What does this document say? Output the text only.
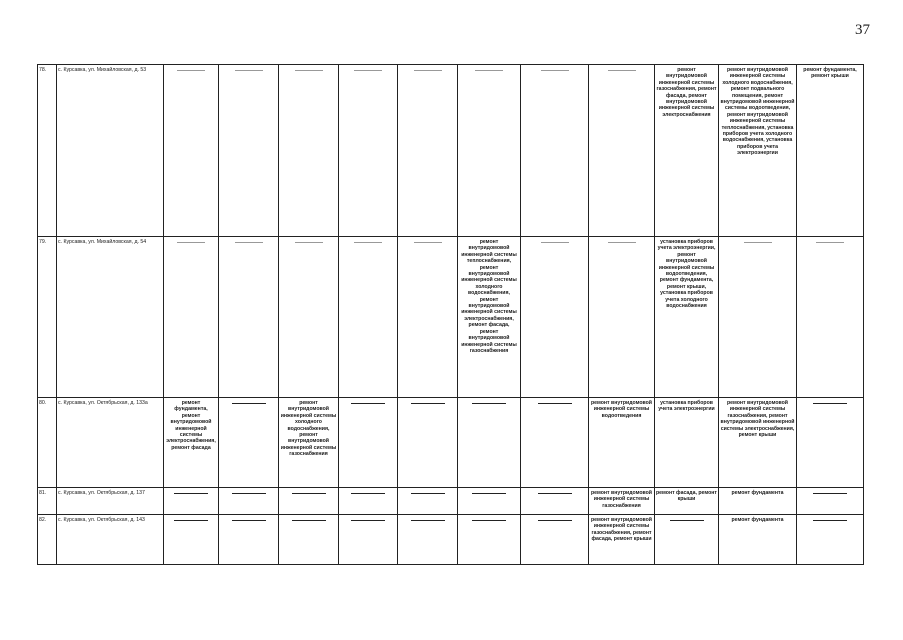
37
78.	с. Курсавка, ул. Михайловская, д. 53									ремонт внутридомовой инженерной системы газоснабжения, ремонт фасада, ремонт внутридомовой инженерной системы электроснабжения	ремонт внутридомовой инженерной системы холодного водоснабжения, ремонт подвального помещения, ремонт внутридомовой инженерной системы водоотведения, ремонт внутридомовой инженерной системы теплоснабжения, установка приборов учета холодного водоснабжения, установка приборов учета электроэнергии	ремонт фундамента, ремонт крыши
79.	с. Курсавка, ул. Михайловская, д. 54						ремонт внутридомовой инженерной системы теплоснабжения, ремонт внутридомовой инженерной системы холодного водоснабжения, ремонт внутридомовой инженерной системы электроснабжения, ремонт фасада, ремонт внутридомовой инженерной системы газоснабжения			установка приборов учета электроэнергии, ремонт внутридомовой инженерной системы водоотведения, ремонт фундамента, ремонт крыши, установка приборов учета холодного водоснабжения		
80.	с. Курсавка, ул. Октябрьская, д. 133а	ремонт фундамента, ремонт внутридомовой инженерной системы электроснабжения, ремонт фасада		ремонт внутридомовой инженерной системы холодного водоснабжения, ремонт внутридомовой инженерной системы газоснабжения					ремонт внутридомовой инженерной системы водоотведения	установка приборов учета электроэнергии	ремонт внутридомовой инженерной системы газоснабжения, ремонт внутридомовой инженерной системы электроснабжения, ремонт крыши	
81.	с. Курсавка, ул. Октябрьская, д. 137								ремонт внутридомовой инженерной системы газоснабжения	ремонт фасада, ремонт крыши	ремонт фундамента	
82.	с. Курсавка, ул. Октябрьская, д. 143								ремонт внутридомовой инженерной системы газоснабжения, ремонт фасада, ремонт крыши		ремонт фундамента	
